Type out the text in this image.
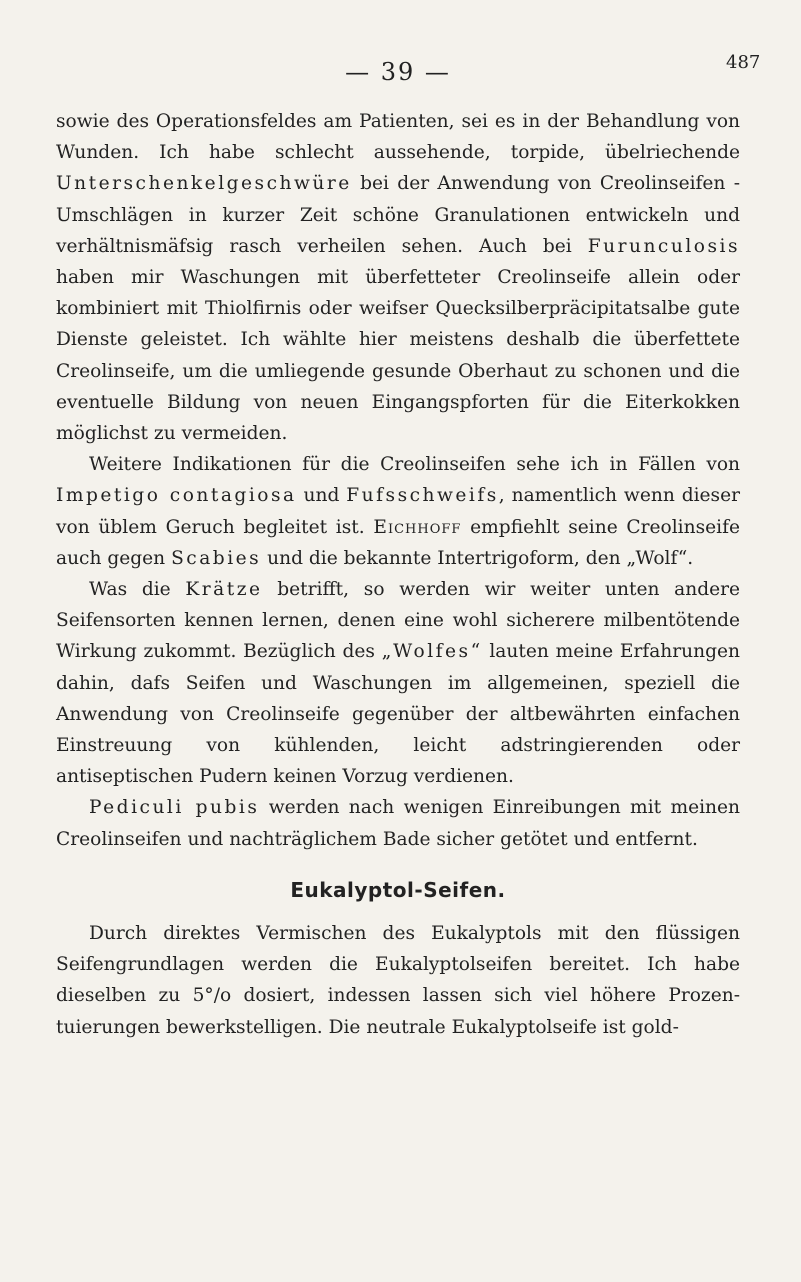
— 39 —	487

sowie des Operationsfeldes am Patienten, sei es in der Behandlung von Wunden. Ich habe schlecht aussehende, torpide, übelriechende Unterschenkelgeschwüre bei der Anwendung von Creolinseifen - Umschlägen in kurzer Zeit schöne Granulationen entwickeln und verhältnismäfsig rasch verheilen sehen. Auch bei Furunculosis haben mir Waschungen mit überfetteter Creolinseife allein oder kombiniert mit Thiolfirnis oder weifser Quecksilberpräcipitatsalbe gute Dienste geleistet. Ich wählte hier meistens deshalb die überfettete Creolinseife, um die umliegende gesunde Oberhaut zu schonen und die eventuelle Bildung von neuen Eingangspforten für die Eiterkokken möglichst zu vermeiden.

Weitere Indikationen für die Creolinseifen sehe ich in Fällen von Impetigo contagiosa und Fufsschweifs, namentlich wenn dieser von üblem Geruch begleitet ist. Eichhoff empfiehlt seine Creolinseife auch gegen Scabies und die bekannte Intertrigoform, den „Wolf“.

Was die Krätze betrifft, so werden wir weiter unten andere Seifensorten kennen lernen, denen eine wohl sicherere milbentötende Wirkung zukommt. Bezüglich des „Wolfes“ lauten meine Erfahrungen dahin, dafs Seifen und Waschungen im allgemeinen, speziell die Anwendung von Creolinseife gegenüber der altbewährten einfachen Einstreuung von kühlenden, leicht adstringierenden oder antiseptischen Pudern keinen Vorzug verdienen.

Pediculi pubis werden nach wenigen Einreibungen mit meinen Creolinseifen und nachträglichem Bade sicher getötet und entfernt.

Eukalyptol-Seifen.

Durch direktes Vermischen des Eukalyptols mit den flüssigen Seifengrundlagen werden die Eukalyptolseifen bereitet. Ich habe dieselben zu 5°/o dosiert, indessen lassen sich viel höhere Prozentuierungen bewerkstelligen. Die neutrale Eukalyptolseife ist gold-
